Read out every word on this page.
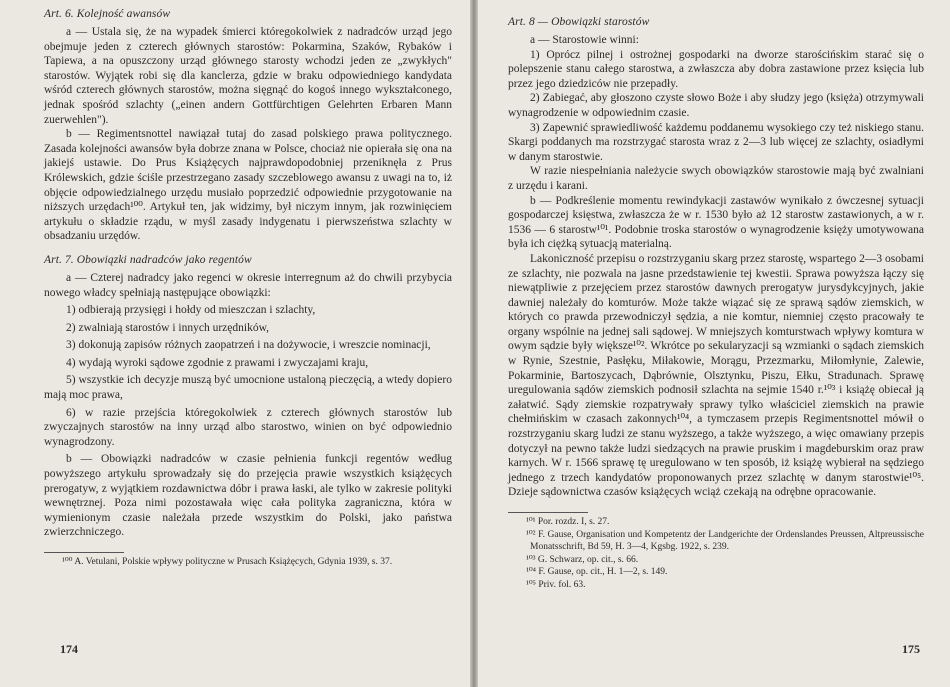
Art. 6. Kolejność awansów

a — Ustala się, że na wypadek śmierci któregokolwiek z nadradców urząd jego obejmuje jeden z czterech głównych starostów: Pokarmina, Szaków, Rybaków i Tapiewa, a na opuszczony urząd głównego starosty wchodzi jeden ze „zwykłych" starostów. Wyjątek robi się dla kanclerza, gdzie w braku odpowiedniego kandydata wśród czterech głównych starostów, można sięgnąć do kogoś innego wykształconego, jednak spośród szlachty („einen andern Gottfürchtigen Gelehrten Erbaren Mann zuerwehlen").

b — Regimentsnottel nawiązał tutaj do zasad polskiego prawa politycznego. Zasada kolejności awansów była dobrze znana w Polsce, chociaż nie opierała się ona na jakiejś ustawie. Do Prus Książęcych najprawdopodobniej przeniknęła z Prus Królewskich, gdzie ściśle przestrzegano zasady szczeblowego awansu z uwagi na to, iż objęcie odpowiedzialnego urzędu musiało poprzedzić odpowiednie przygotowanie na niższych urzędach¹⁰⁰. Artykuł ten, jak widzimy, był niczym innym, jak rozwinięciem artykułu o składzie rządu, w myśl zasady indygenatu i pierwszeństwa szlachty w obsadzaniu urzędów.

Art. 7. Obowiązki nadradców jako regentów

a — Czterej nadradcy jako regenci w okresie interregnum aż do chwili przybycia nowego władcy spełniają następujące obowiązki:

1) odbierają przysięgi i hołdy od mieszczan i szlachty,

2) zwalniają starostów i innych urzędników,

3) dokonują zapisów różnych zaopatrzeń i na dożywocie, i wreszcie nominacji,

4) wydają wyroki sądowe zgodnie z prawami i zwyczajami kraju,

5) wszystkie ich decyzje muszą być umocnione ustaloną pieczęcią, a wtedy dopiero mają moc prawa,

6) w razie przejścia któregokolwiek z czterech głównych starostów lub zwyczajnych starostów na inny urząd albo starostwo, winien on być odpowiednio wynagrodzony.

b — Obowiązki nadradców w czasie pełnienia funkcji regentów według powyższego artykułu sprowadzały się do przejęcia prawie wszystkich książęcych prerogatyw, z wyjątkiem rozdawnictwa dóbr i prawa łaski, ale tylko w zakresie polityki wewnętrznej. Poza nimi pozostawała więc cała polityka zagraniczna, która w wymienionym czasie należała przede wszystkim do Polski, jako państwa zwierzchniczego.

¹⁰⁰ A. Vetulani, Polskie wpływy polityczne w Prusach Książęcych, Gdynia 1939, s. 37.

174
Art. 8 — Obowiązki starostów

a — Starostowie winni:

1) Oprócz pilnej i ostrożnej gospodarki na dworze starościńskim starać się o polepszenie stanu całego starostwa, a zwłaszcza aby dobra zastawione przez księcia lub przez jego dziedziców nie przepadły.

2) Zabiegać, aby głoszono czyste słowo Boże i aby słudzy jego (księża) otrzymywali wynagrodzenie w odpowiednim czasie.

3) Zapewnić sprawiedliwość każdemu poddanemu wysokiego czy też niskiego stanu. Skargi poddanych ma rozstrzygać starosta wraz z 2—3 lub więcej ze szlachty, osiadłymi w danym starostwie.

W razie niespełniania należycie swych obowiązków starostowie mają być zwalniani z urzędu i karani.

b — Podkreślenie momentu rewindykacji zastawów wynikało z ówczesnej sytuacji gospodarczej księstwa, zwłaszcza że w r. 1530 było aż 12 starostw zastawionych, a w r. 1536 — 6 starostw¹⁰¹. Podobnie troska starostów o wynagrodzenie księży umotywowana była ich ciężką sytuacją materialną.

Lakoniczność przepisu o rozstrzyganiu skarg przez starostę, wspartego 2—3 osobami ze szlachty, nie pozwala na jasne przedstawienie tej kwestii. Sprawa powyższa łączy się niewątpliwie z przejęciem przez starostów dawnych prerogatyw jurysdykcyjnych, jakie dawniej należały do komturów. Może także wiązać się ze sprawą sądów ziemskich, w których co prawda przewodniczył sędzia, a nie komtur, niemniej często pracowały te organy wspólnie na jednej sali sądowej. W mniejszych komturstwach wpływy komtura w owym sądzie były większe¹⁰². Wkrótce po sekularyzacji są wzmianki o sądach ziemskich w Rynie, Szestnie, Pasłęku, Miłakowie, Morągu, Przezmarku, Miłomłynie, Zalewie, Pokarminie, Bartoszycach, Dąbrównie, Olsztynku, Piszu, Ełku, Stradunach. Sprawę uregulowania sądów ziemskich podnosił szlachta na sejmie 1540 r.¹⁰³ i książę obiecał ją załatwić. Sądy ziemskie rozpatrywały sprawy tylko właściciel ziemskich na prawie chełmińskim w czasach zakonnych¹⁰⁴, a tymczasem przepis Regimentsnottel mówił o rozstrzyganiu skarg ludzi ze stanu wyższego, a także wyższego, a więc omawiany przepis dotyczył na pewno także ludzi siedzących na prawie pruskim i magdeburskim oraz praw karnych. W r. 1566 sprawę tę uregulowano w ten sposób, iż książę wybierał na sędziego jednego z trzech kandydatów proponowanych przez szlachtę w danym starostwie¹⁰⁵. Dzieje sądownictwa czasów książęcych wciąż czekają na odrębne opracowanie.

¹⁰¹ Por. rozdz. I, s. 27.

¹⁰² F. Gause, Organisation und Kompetentz der Landgerichte der Ordenslandes Preussen, Altpreussische Monatsschrift, Bd 59, H. 3—4, Kgsbg. 1922, s. 239.

¹⁰³ G. Schwarz, op. cit., s. 66.

¹⁰⁴ F. Gause, op. cit., H. 1—2, s. 149.

¹⁰⁵ Priv. fol. 63.

175
